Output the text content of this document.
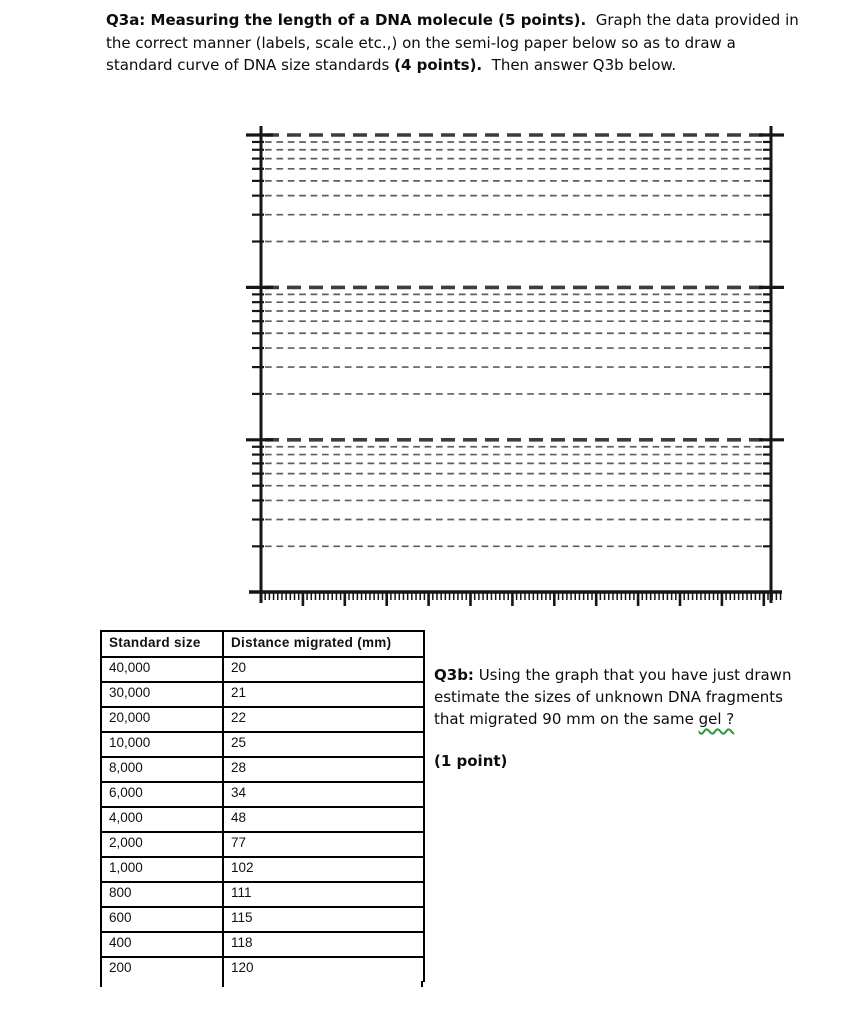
Q3a: Measuring the length of a DNA molecule (5 points).  Graph the data provided in
the correct manner (labels, scale etc.,) on the semi-log paper below so as to draw a
standard curve of DNA size standards (4 points).  Then answer Q3b below.
Standard size	Distance migrated (mm)
40,000	20
30,000	21
20,000	22
10,000	25
8,000	28
6,000	34
4,000	48
2,000	77
1,000	102
800	111
600	115
400	118
200	120
Q3b: Using the graph that you have just drawn
estimate the sizes of unknown DNA fragments
that migrated 90 mm on the same gel ?
(1 point)
